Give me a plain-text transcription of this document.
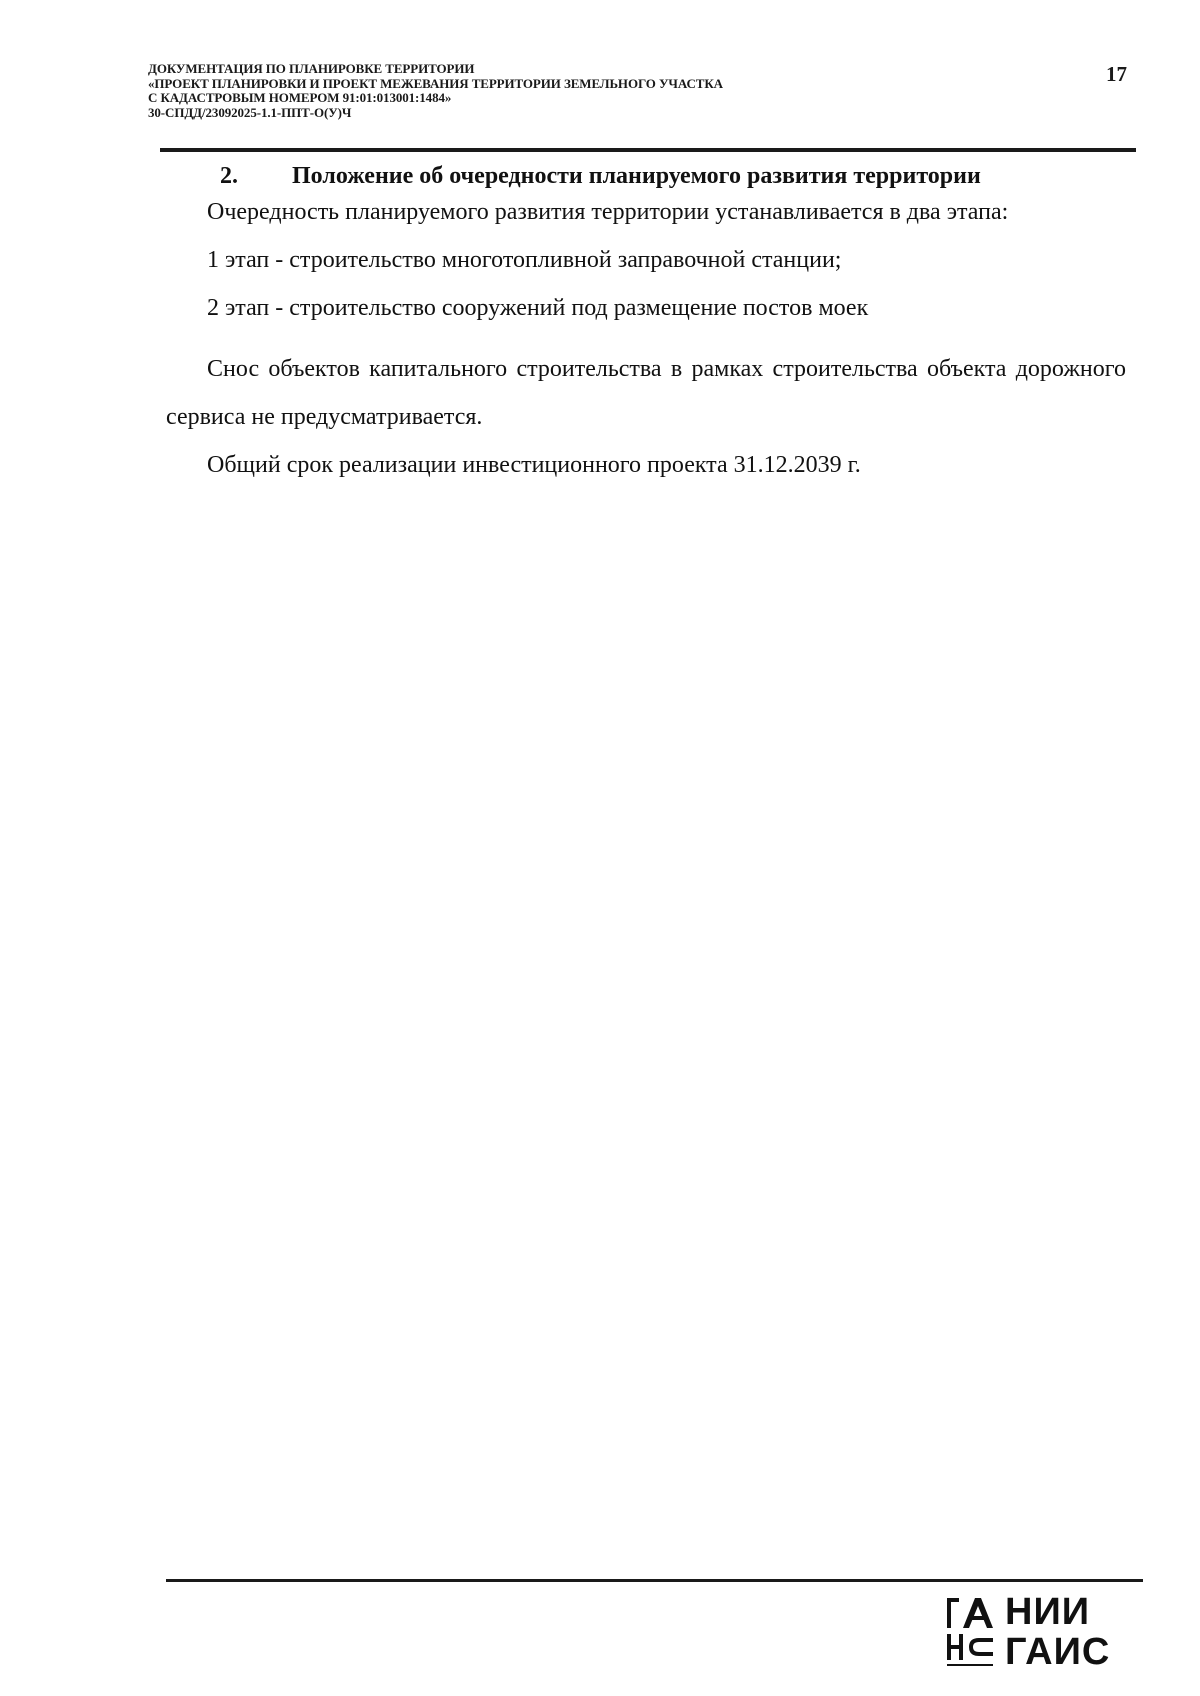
ДОКУМЕНТАЦИЯ ПО ПЛАНИРОВКЕ ТЕРРИТОРИИ
«ПРОЕКТ ПЛАНИРОВКИ И ПРОЕКТ МЕЖЕВАНИЯ ТЕРРИТОРИИ ЗЕМЕЛЬНОГО УЧАСТКА
С КАДАСТРОВЫМ НОМЕРОМ 91:01:013001:1484»
30-СПДД/23092025-1.1-ППТ-О(У)Ч
17
2. Положение об очередности планируемого развития территории
Очередность планируемого развития территории устанавливается в два этапа:
1 этап - строительство многотопливной заправочной станции;
2 этап - строительство сооружений под размещение постов моек
Снос объектов капитального строительства в рамках строительства объекта дорожного сервиса не предусматривается.
Общий срок реализации инвестиционного проекта 31.12.2039 г.
НИИ
ГАИС
